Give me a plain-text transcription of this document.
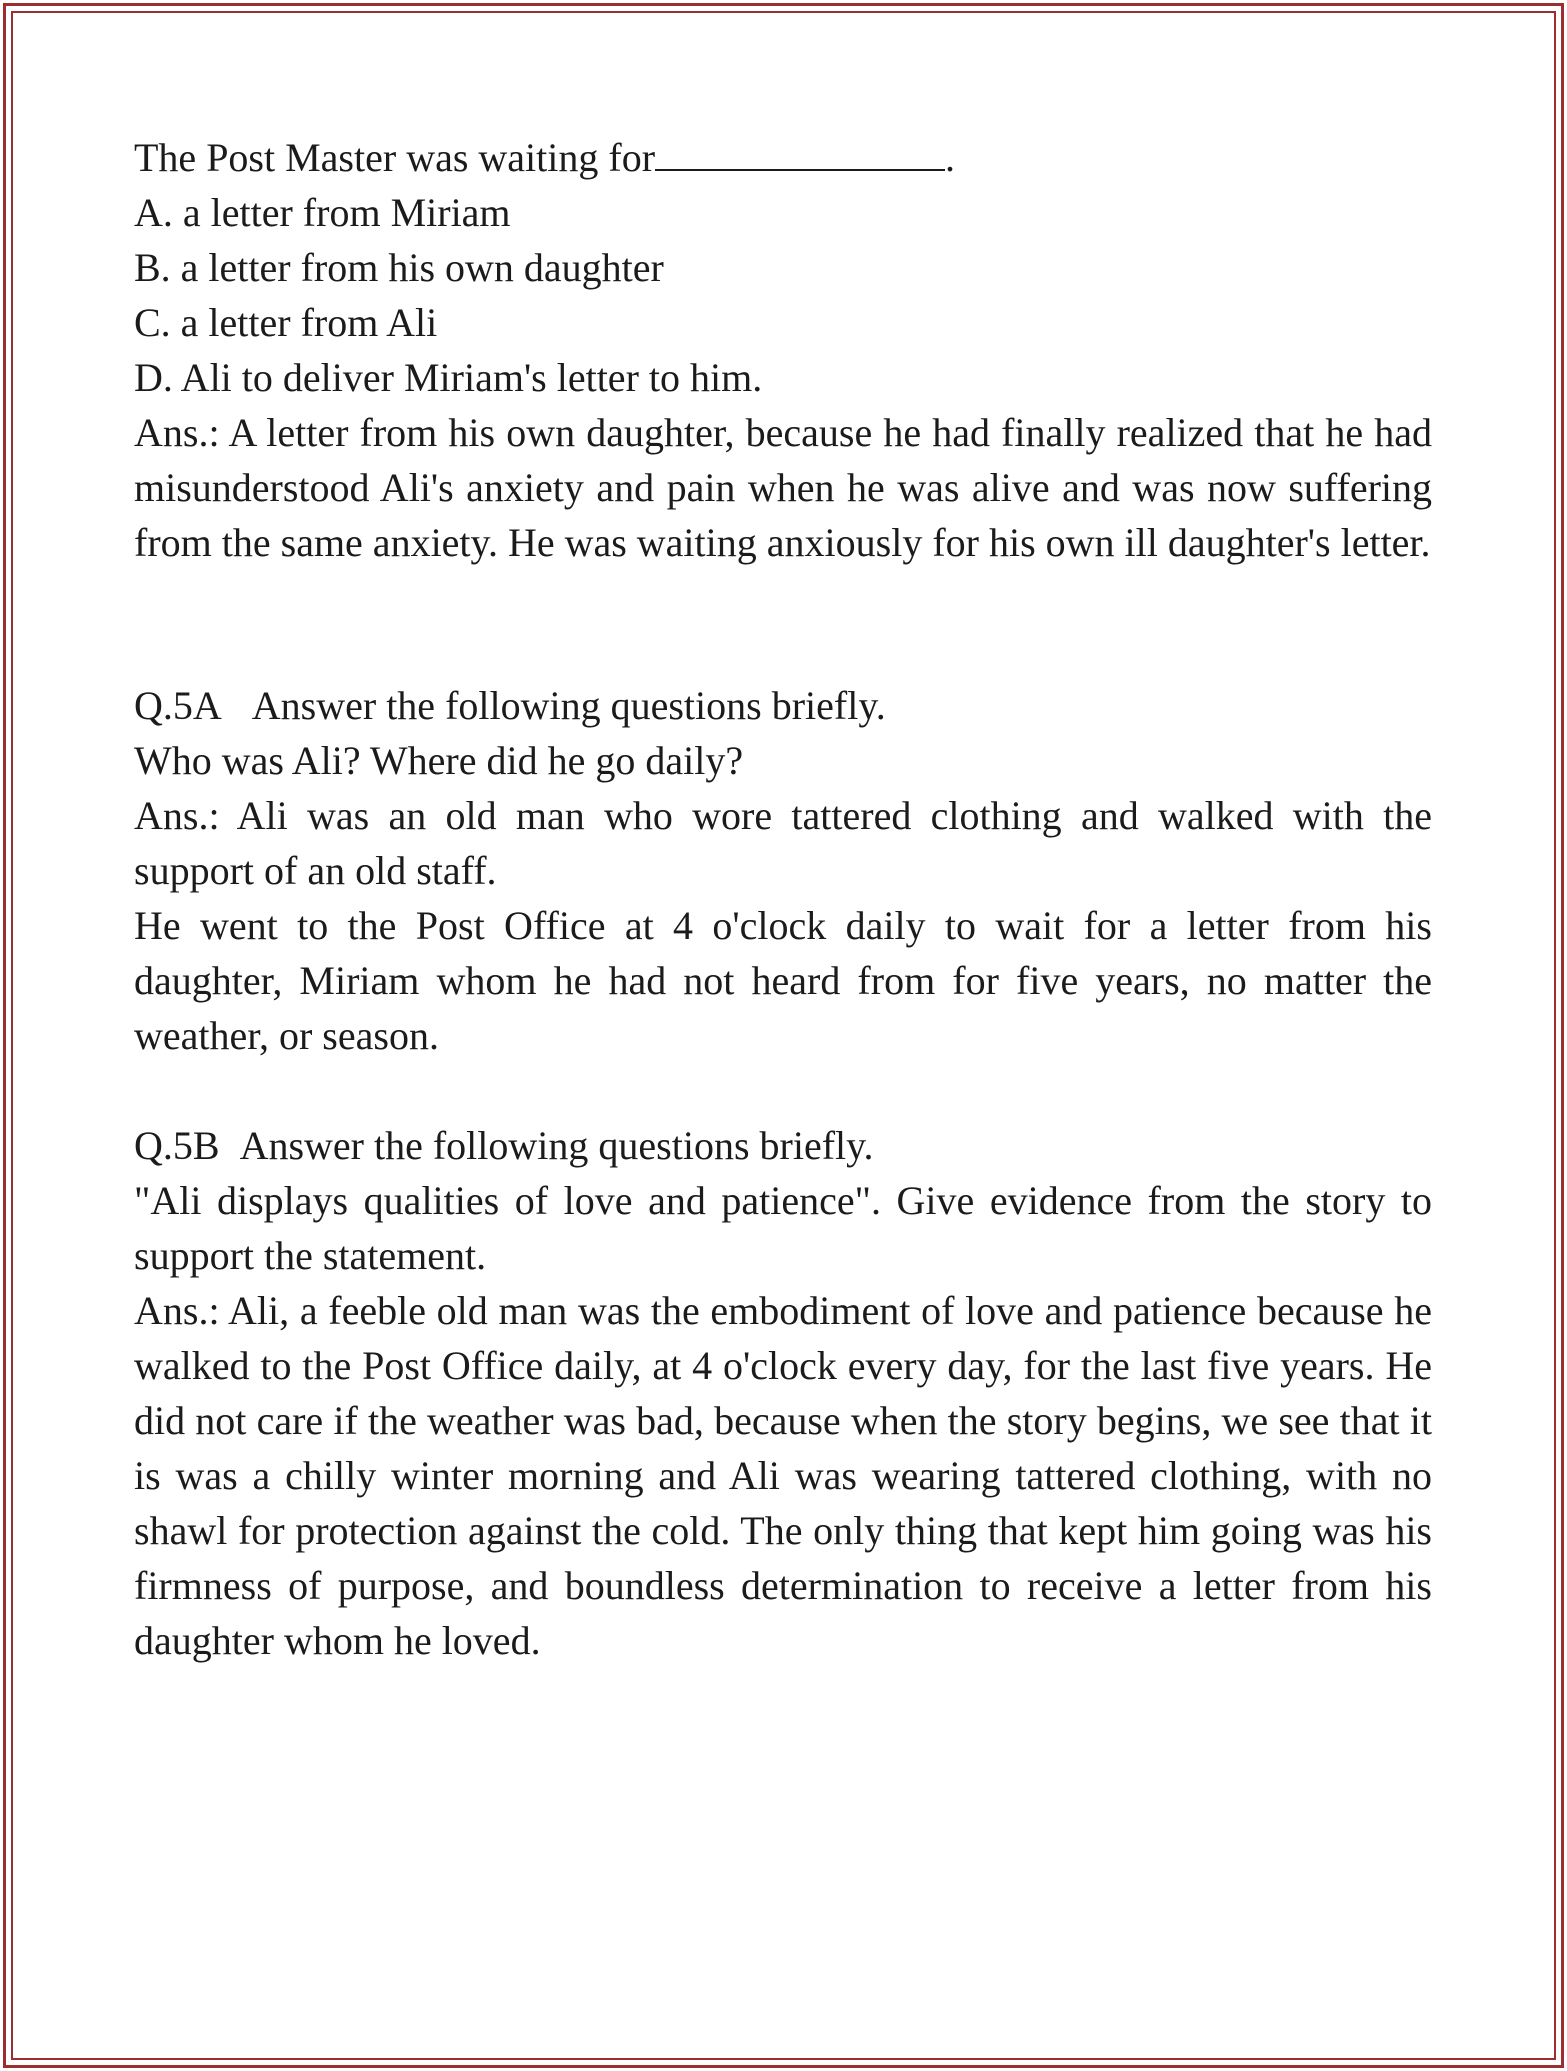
The Post Master was waiting for	.

A. a letter from Miriam

B. a letter from his own daughter

C. a letter from Ali

D. Ali to deliver Miriam's letter to him.

Ans.: A letter from his own daughter, because he had finally realized that he had misunderstood Ali's anxiety and pain when he was alive and was now suffering from the same anxiety. He was waiting anxiously for his own ill daughter's letter.

Q.5A Answer the following questions briefly.

Who was Ali? Where did he go daily?

Ans.: Ali was an old man who wore tattered clothing and walked with the support of an old staff.

He went to the Post Office at 4 o'clock daily to wait for a letter from his daughter, Miriam whom he had not heard from for five years, no matter the weather, or season.

Q.5B Answer the following questions briefly.

"Ali displays qualities of love and patience". Give evidence from the story to support the statement.

Ans.: Ali, a feeble old man was the embodiment of love and patience because he walked to the Post Office daily, at 4 o'clock every day, for the last five years. He did not care if the weather was bad, because when the story begins, we see that it is was a chilly winter morning and Ali was wearing tattered clothing, with no shawl for protection against the cold. The only thing that kept him going was his firmness of purpose, and boundless determination to receive a letter from his daughter whom he loved.
